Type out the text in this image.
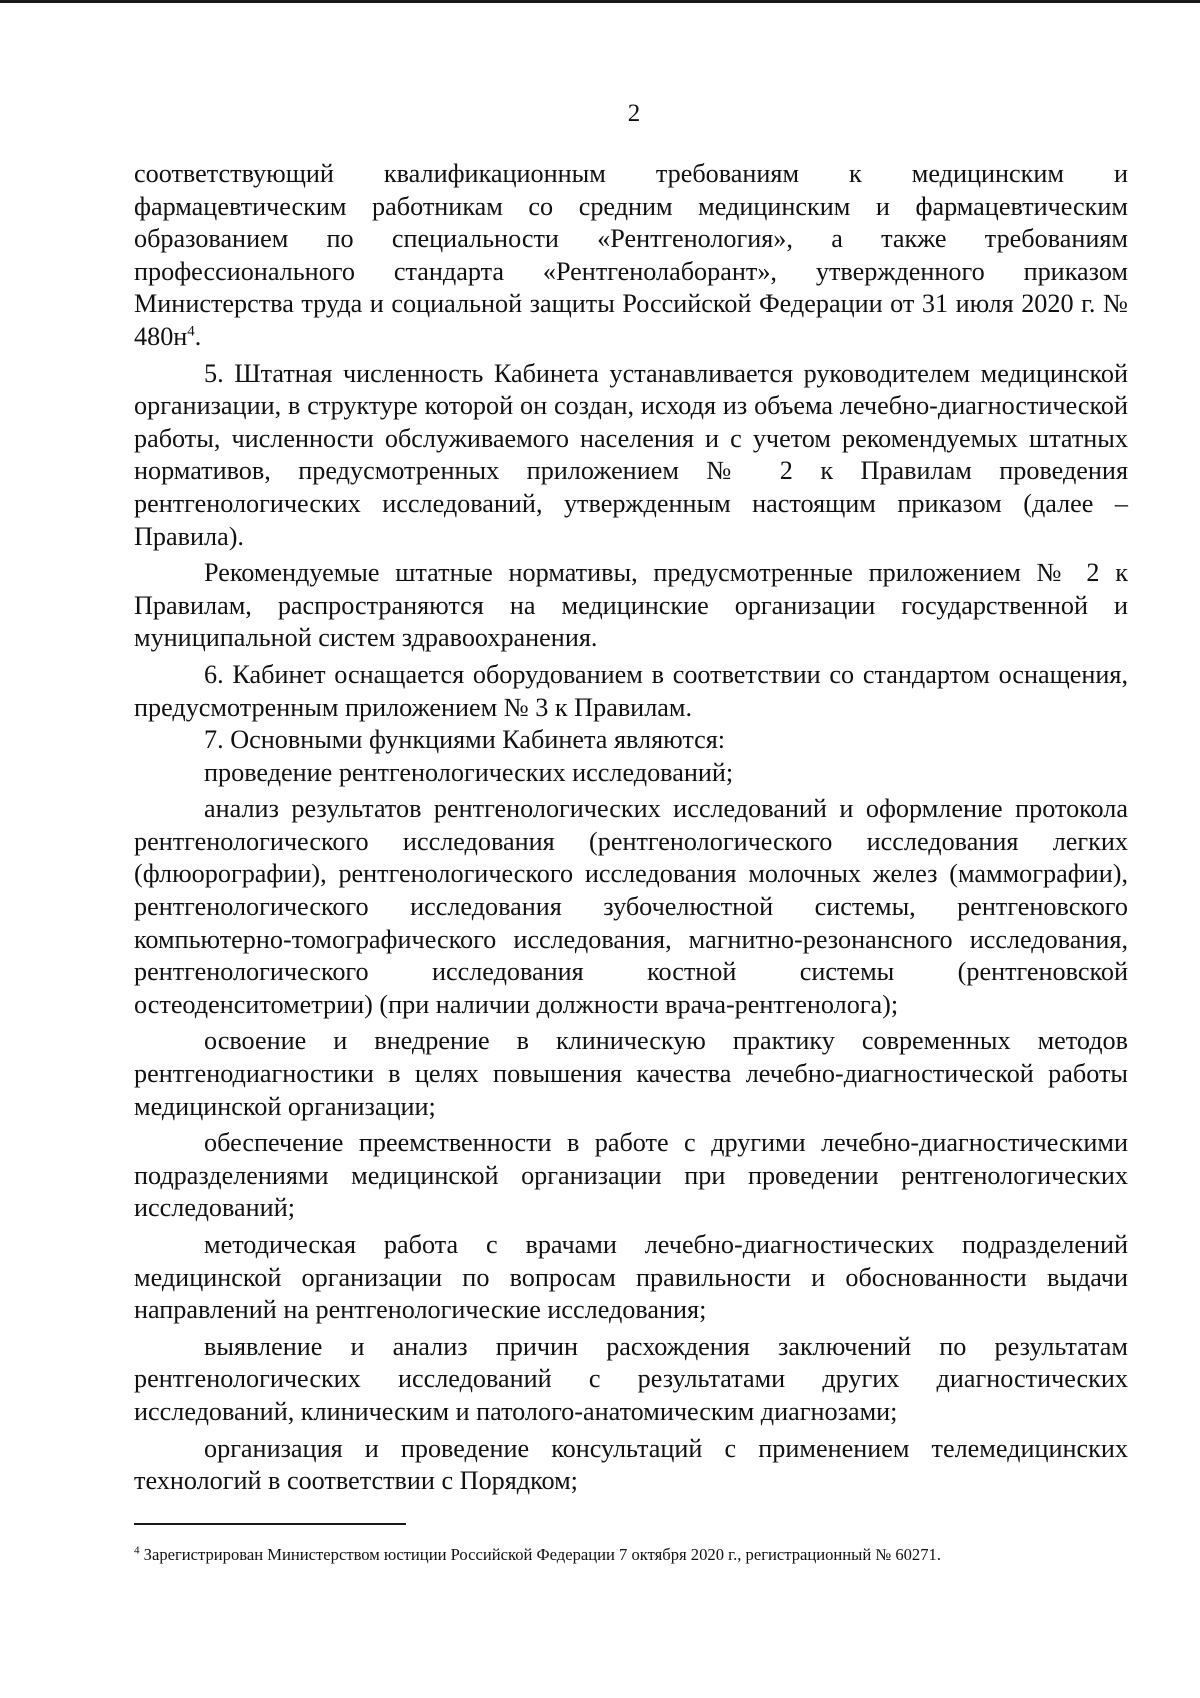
2

соответствующий квалификационным требованиям к медицинским и фармацевтическим работникам со средним медицинским и фармацевтическим образованием по специальности «Рентгенология», а также требованиям профессионального стандарта «Рентгенолаборант», утвержденного приказом Министерства труда и социальной защиты Российской Федерации от 31 июля 2020 г. № $480н^4$.

5. Штатная численность Кабинета устанавливается руководителем медицинской организации, в структуре которой он создан, исходя из объема лечебно-диагностической работы, численности обслуживаемого населения и с учетом рекомендуемых штатных нормативов, предусмотренных приложением № 2 к Правилам проведения рентгенологических исследований, утвержденным настоящим приказом (далее – Правила).

Рекомендуемые штатные нормативы, предусмотренные приложением № 2 к Правилам, распространяются на медицинские организации государственной и муниципальной систем здравоохранения.

6. Кабинет оснащается оборудованием в соответствии со стандартом оснащения, предусмотренным приложением № 3 к Правилам.

7. Основными функциями Кабинета являются:

проведение рентгенологических исследований;

анализ результатов рентгенологических исследований и оформление протокола рентгенологического исследования (рентгенологического исследования легких (флюорографии), рентгенологического исследования молочных желез (маммографии), рентгенологического исследования зубочелюстной системы, рентгеновского компьютерно-томографического исследования, магнитно-резонансного исследования, рентгенологического исследования костной системы (рентгеновской остеоденситометрии) (при наличии должности врача-рентгенолога);

освоение и внедрение в клиническую практику современных методов рентгенодиагностики в целях повышения качества лечебно-диагностической работы медицинской организации;

обеспечение преемственности в работе с другими лечебно-диагностическими подразделениями медицинской организации при проведении рентгенологических исследований;

методическая работа с врачами лечебно-диагностических подразделений медицинской организации по вопросам правильности и обоснованности выдачи направлений на рентгенологические исследования;

выявление и анализ причин расхождения заключений по результатам рентгенологических исследований с результатами других диагностических исследований, клиническим и патолого-анатомическим диагнозами;

организация и проведение консультаций с применением телемедицинских технологий в соответствии с Порядком;

$^4$ Зарегистрирован Министерством юстиции Российской Федерации 7 октября 2020 г., регистрационный № 60271.
